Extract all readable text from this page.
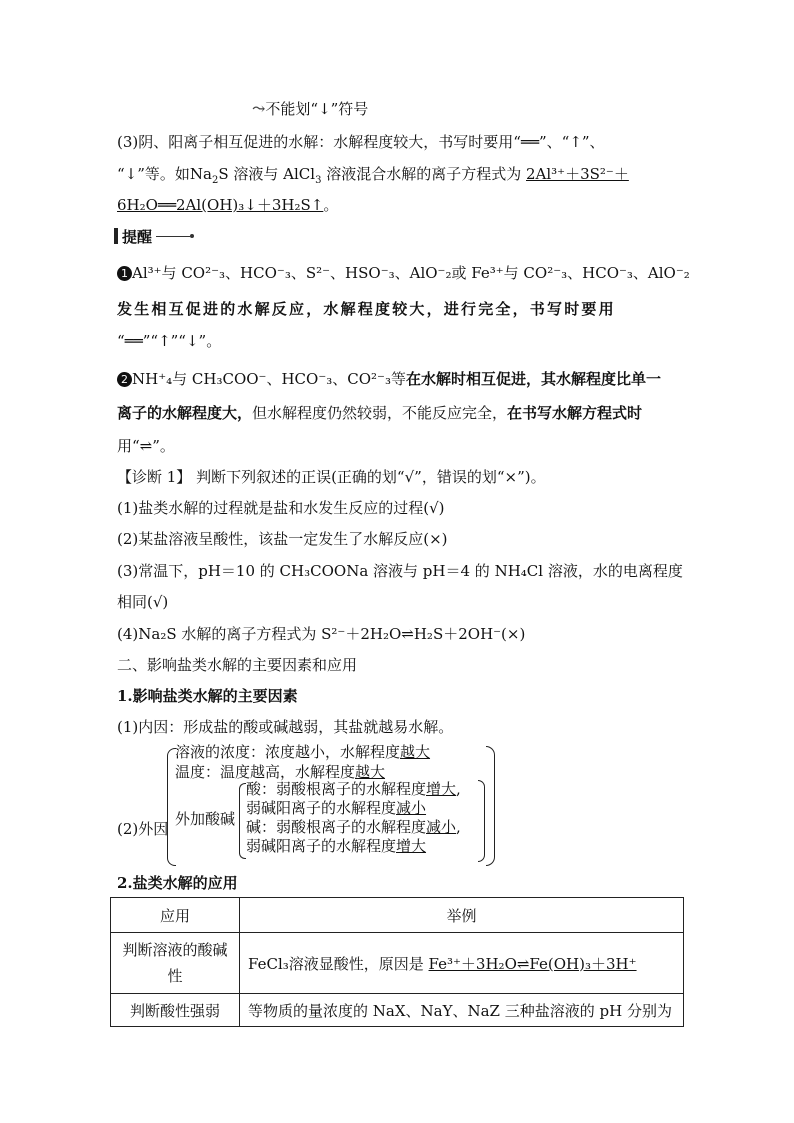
⤳不能划“↓”符号
(3)阴、阳离子相互促进的水解：水解程度较大，书写时要用“══”、“↑”、
“↓”等。如$Na_2S$ 溶液与 AlCl$_3$ 溶液混合水解的离子方程式为 2Al³⁺＋3S²⁻＋
6H₂O══2Al(OH)₃↓＋3H₂S↑。
提醒
1 Al³⁺与 CO²⁻₃、HCO⁻₃、S²⁻、HSO⁻₃、AlO⁻₂或 Fe³⁺与 CO²⁻₃、HCO⁻₃、AlO⁻₂
发生相互促进的水解反应，水解程度较大，进行完全，书写时要用
“══”“↑”“↓”。
2 NH⁺₄与 CH₃COO⁻、HCO⁻₃、CO²⁻₃等在水解时相互促进，其水解程度比单一
离子的水解程度大，但水解程度仍然较弱，不能反应完全，在书写水解方程式时
用“⇌”。
【诊断 1】 判断下列叙述的正误(正确的划“√”，错误的划“×”)。
(1)盐类水解的过程就是盐和水发生反应的过程(√)
(2)某盐溶液呈酸性，该盐一定发生了水解反应(×)
(3)常温下，pH＝10 的 CH₃COONa 溶液与 pH＝4 的 NH₄Cl 溶液，水的电离程度
相同(√)
(4)Na₂S 水解的离子方程式为 S²⁻＋2H₂O⇌H₂S＋2OH⁻(×)
二、影响盐类水解的主要因素和应用
1.影响盐类水解的主要因素
(1)内因：形成盐的酸或碱越弱，其盐就越易水解。
(2)外因
溶液的浓度：浓度越小，水解程度越大
温度：温度越高，水解程度越大
外加酸碱
酸：弱酸根离子的水解程度增大,
弱碱阳离子的水解程度减小
碱：弱酸根离子的水解程度减小,
弱碱阳离子的水解程度增大
2.盐类水解的应用
应用	举例
判断溶液的酸碱性	FeCl₃溶液显酸性，原因是 Fe³⁺＋3H₂O⇌Fe(OH)₃＋3H⁺
判断酸性强弱	等物质的量浓度的 NaX、NaY、NaZ 三种盐溶液的 pH 分别为
